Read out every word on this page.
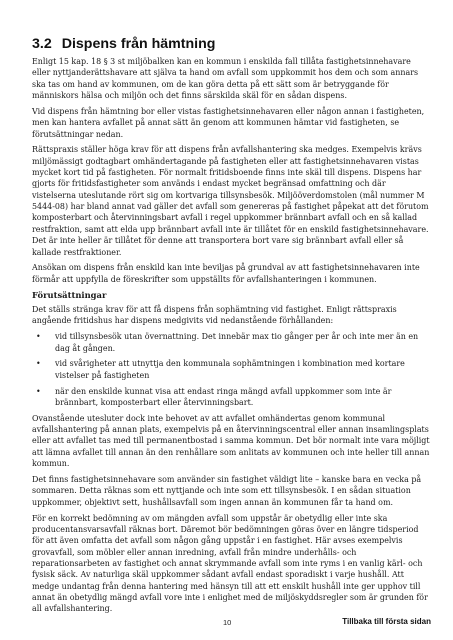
3.2 Dispens från hämtning

Enligt 15 kap. 18 § 3 st miljöbalken kan en kommun i enskilda fall tillåta fastighetsinnehavare eller nyttjanderättshavare att själva ta hand om avfall som uppkommit hos dem och som annars ska tas om hand av kommunen, om de kan göra detta på ett sätt som är betryggande för människors hälsa och miljön och det finns särskilda skäl för en sådan dispens.

Vid dispens från hämtning bor eller vistas fastighetsinnehavaren eller någon annan i fastigheten, men kan hantera avfallet på annat sätt än genom att kommunen hämtar vid fastigheten, se förutsättningar nedan.

Rättspraxis ställer höga krav för att dispens från avfallshantering ska medges. Exempelvis krävs miljömässigt godtagbart omhändertagande på fastigheten eller att fastighetsinnehavaren vistas mycket kort tid på fastigheten. För normalt fritidsboende finns inte skäl till dispens. Dispens har gjorts för fritidsfastigheter som används i endast mycket begränsad omfattning och där vistelserna uteslutande rört sig om kortvariga tillsynsbesök. Miljööverdomstolen (mål nummer M 5444-08) har bland annat vad gäller det avfall som genereras på fastighet påpekat att det förutom komposterbart och återvinningsbart avfall i regel uppkommer brännbart avfall och en så kallad restfraktion, samt att elda upp brännbart avfall inte är tillåtet för en enskild fastighetsinnehavare. Det är inte heller är tillåtet för denne att transportera bort vare sig brännbart avfall eller så kallade restfraktioner.

Ansökan om dispens från enskild kan inte beviljas på grundval av att fastighetsinnehavaren inte förmår att uppfylla de föreskrifter som uppställts för avfallshanteringen i kommunen.

Förutsättningar

Det ställs stränga krav för att få dispens från sophämtning vid fastighet. Enligt rättspraxis angående fritidshus har dispens medgivits vid nedanstående förhållanden:

• vid tillsynsbesök utan övernattning. Det innebär max tio gånger per år och inte mer än en dag åt gången.
• vid svårigheter att utnyttja den kommunala sophämtningen i kombination med kortare vistelser på fastigheten
• när den enskilde kunnat visa att endast ringa mängd avfall uppkommer som inte är brännbart, komposterbart eller återvinningsbart.

Ovanstående utesluter dock inte behovet av att avfallet omhändertas genom kommunal avfallshantering på annan plats, exempelvis på en återvinningscentral eller annan insamlingsplats eller att avfallet tas med till permanentbostad i samma kommun. Det bör normalt inte vara möjligt att lämna avfallet till annan än den renhållare som anlitats av kommunen och inte heller till annan kommun.

Det finns fastighetsinnehavare som använder sin fastighet väldigt lite – kanske bara en vecka på sommaren. Detta räknas som ett nyttjande och inte som ett tillsynsbesök. I en sådan situation uppkommer, objektivt sett, hushållsavfall som ingen annan än kommunen får ta hand om.

För en korrekt bedömning av om mängden avfall som uppstår är obetydlig eller inte ska producentansvarsavfall räknas bort. Däremot bör bedömningen göras över en längre tidsperiod för att även omfatta det avfall som någon gång uppstår i en fastighet. Här avses exempelvis grovavfall, som möbler eller annan inredning, avfall från mindre underhålls- och reparationsarbeten av fastighet och annat skrymmande avfall som inte ryms i en vanlig kärl- och fysisk säck. Av naturliga skäl uppkommer sådant avfall endast sporadiskt i varje hushåll. Att medge undantag från denna hantering med hänsyn till att ett enskilt hushåll inte ger upphov till annat än obetydlig mängd avfall vore inte i enlighet med de miljöskyddsregler som är grunden för all avfallshantering.

10	Tillbaka till första sidan
